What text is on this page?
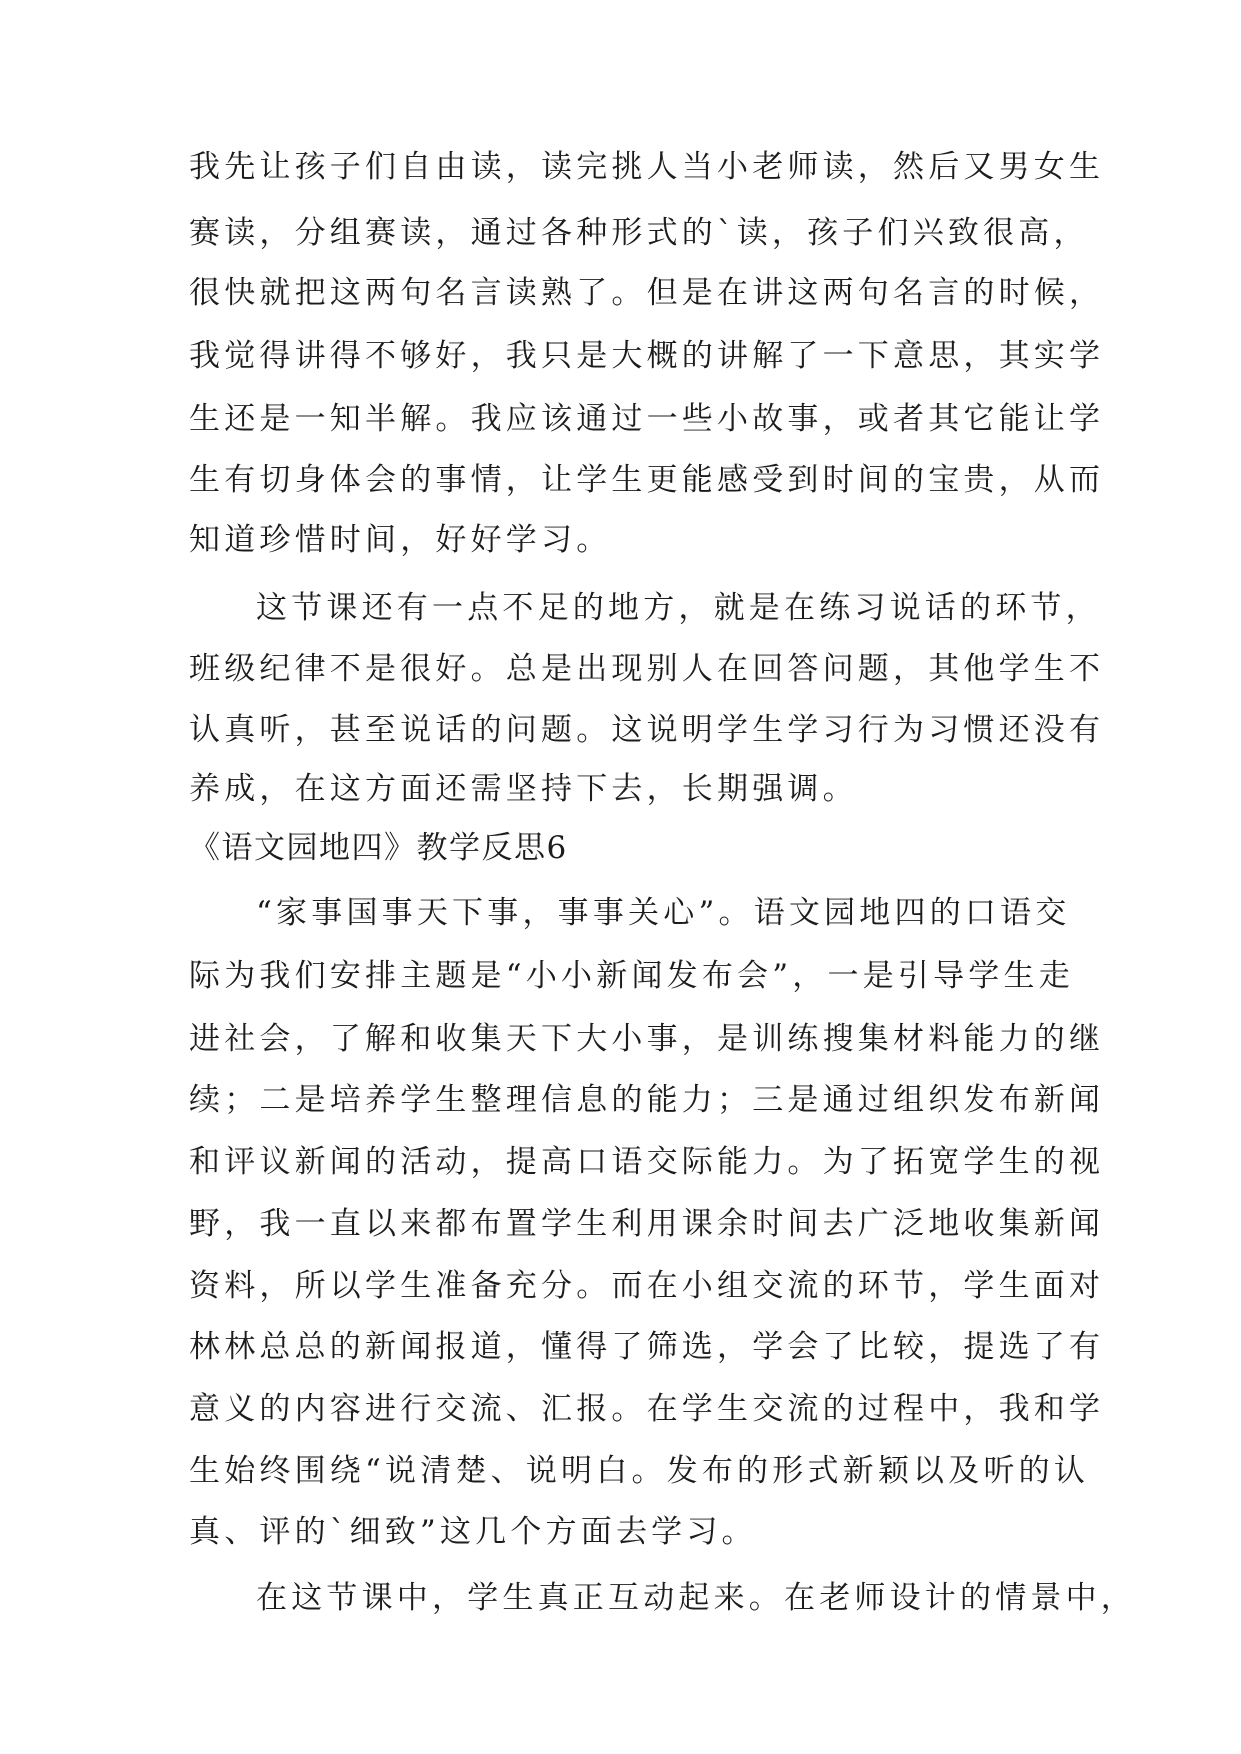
我先让孩子们自由读，读完挑人当小老师读，然后又男女生
赛读，分组赛读，通过各种形式的`读，孩子们兴致很高，
很快就把这两句名言读熟了。但是在讲这两句名言的时候，
我觉得讲得不够好，我只是大概的讲解了一下意思，其实学
生还是一知半解。我应该通过一些小故事，或者其它能让学
生有切身体会的事情，让学生更能感受到时间的宝贵，从而
知道珍惜时间，好好学习。
这节课还有一点不足的地方，就是在练习说话的环节，
班级纪律不是很好。总是出现别人在回答问题，其他学生不
认真听，甚至说话的问题。这说明学生学习行为习惯还没有
养成，在这方面还需坚持下去，长期强调。
《语文园地四》教学反思6
“家事国事天下事，事事关心”。语文园地四的口语交
际为我们安排主题是“小小新闻发布会”，一是引导学生走
进社会，了解和收集天下大小事，是训练搜集材料能力的继
续；二是培养学生整理信息的能力；三是通过组织发布新闻
和评议新闻的活动，提高口语交际能力。为了拓宽学生的视
野，我一直以来都布置学生利用课余时间去广泛地收集新闻
资料，所以学生准备充分。而在小组交流的环节，学生面对
林林总总的新闻报道，懂得了筛选，学会了比较，提选了有
意义的内容进行交流、汇报。在学生交流的过程中，我和学
生始终围绕“说清楚、说明白。发布的形式新颖以及听的认
真、评的`细致”这几个方面去学习。
在这节课中，学生真正互动起来。在老师设计的情景中，
